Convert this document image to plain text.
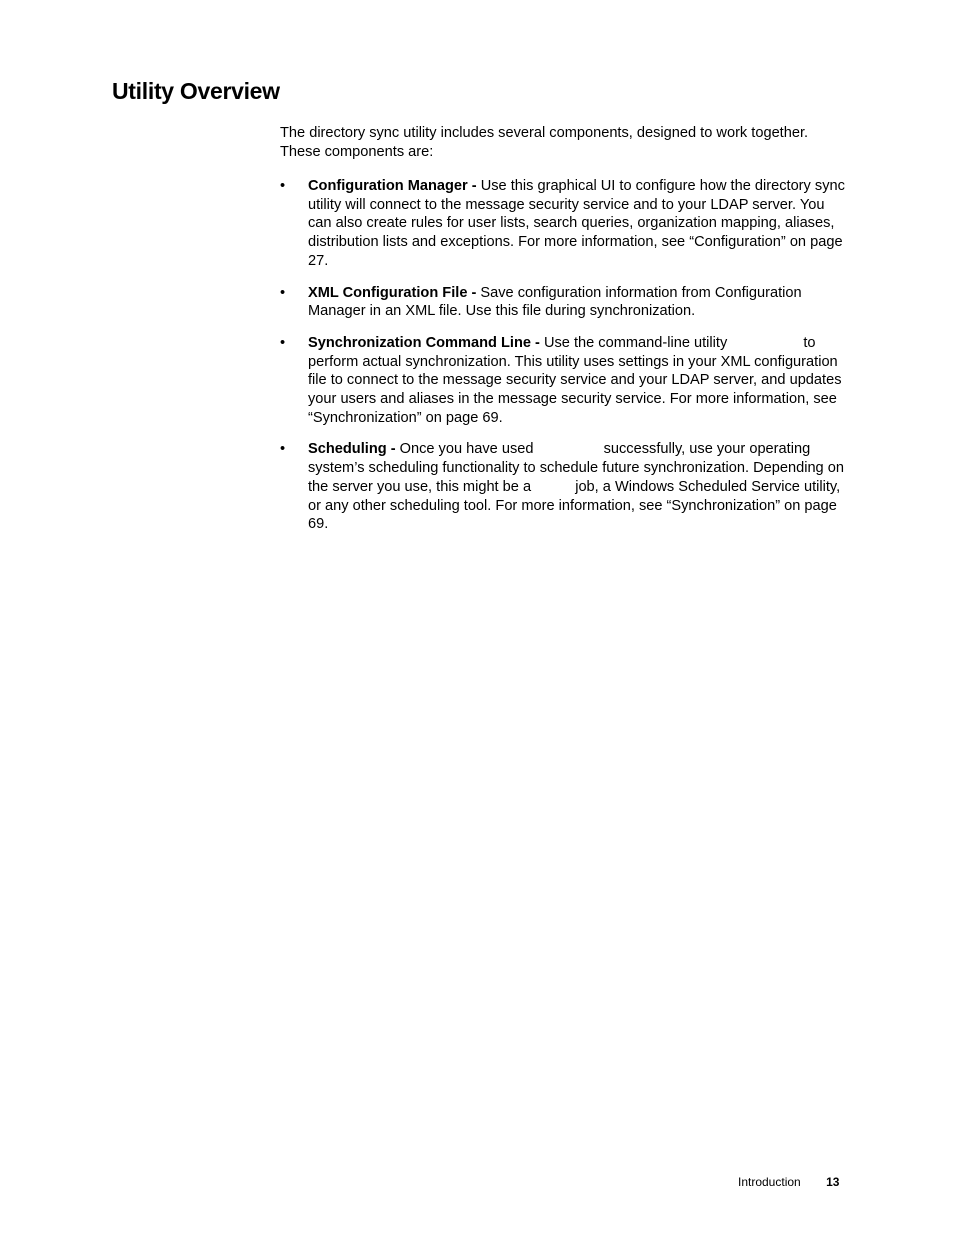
Utility Overview

The directory sync utility includes several components, designed to work together. These components are:

• Configuration Manager - Use this graphical UI to configure how the directory sync utility will connect to the message security service and to your LDAP server. You can also create rules for user lists, search queries, organization mapping, aliases, distribution lists and exceptions. For more information, see “Configuration” on page 27.
• XML Configuration File - Save configuration information from Configuration Manager in an XML file. Use this file during synchronization.
• Synchronization Command Line - Use the command-line utility	to perform actual synchronization. This utility uses settings in your XML configuration file to connect to the message security service and your LDAP server, and updates your users and aliases in the message security service. For more information, see “Synchronization” on page 69.
• Scheduling - Once you have used	successfully, use your operating system’s scheduling functionality to schedule future synchronization. Depending on the server you use, this might be a  job, a Windows Scheduled Service utility, or any other scheduling tool. For more information, see “Synchronization” on page 69.
Introduction 13
